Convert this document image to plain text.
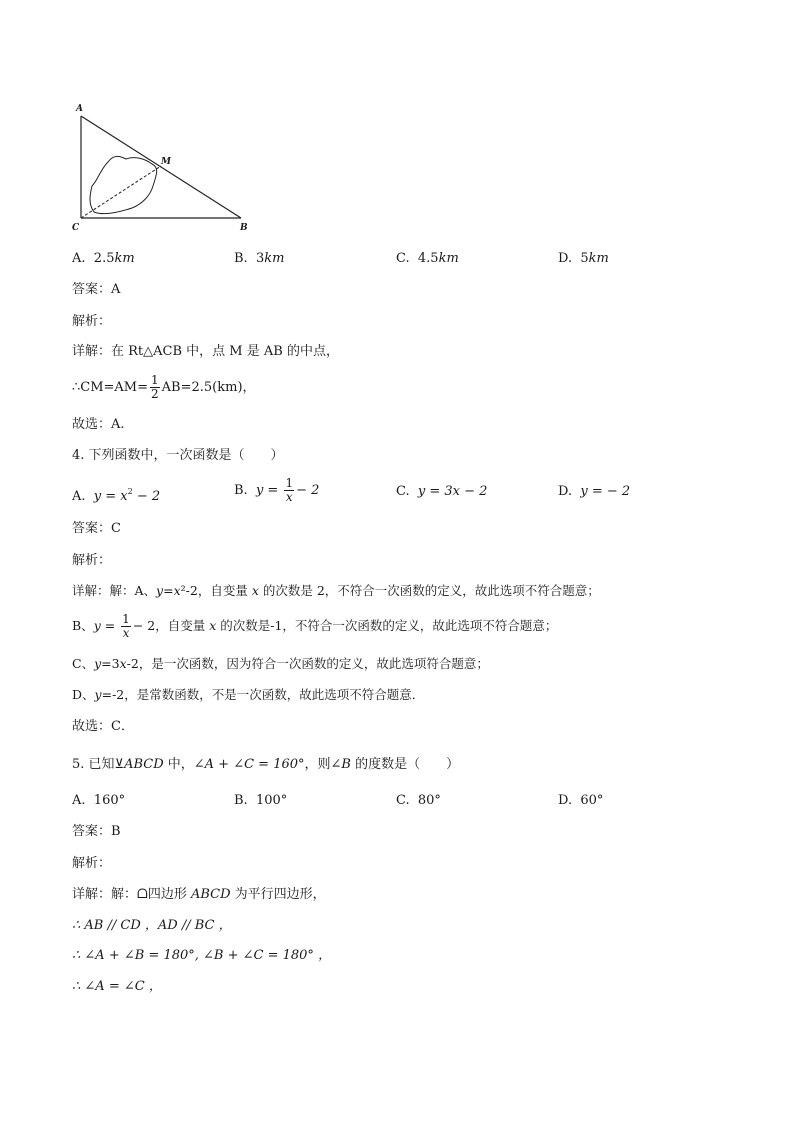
A
M
C	B
A. 2.5km	B. 3km	C. 4.5km	D. 5km
答案：A
解析：
详解：在 Rt△ACB 中，点 M 是 AB 的中点，
∴CM=AM= $\frac{1}{2} AB=2.5(km)$，
故选：A.
4. 下列函数中，一次函数是（　　）
A. $y = x^2 - 2$	B. $y = \frac{1}{x} - 2$	C. y = 3x − 2	D. y = − 2
答案：C
解析：
详解：解：A、y=x²-2，自变量 x 的次数是 2，不符合一次函数的定义，故此选项不符合题意；
B、$y = \frac{1}{x} - 2$，自变量 x 的次数是-1，不符合一次函数的定义，故此选项不符合题意；
C、y=3x-2，是一次函数，因为符合一次函数的定义，故此选项符合题意；
D、y=-2，是常数函数，不是一次函数，故此选项不符合题意．
故选：C．
5. 已知⊻ABCD 中，∠A + ∠C = 160°，则∠B 的度数是（　　）
A. 160°	B. 100°	C. 80°	D. 60°
答案：B
解析：
详解：解：ᗝ四边形 ABCD 为平行四边形，
∴ AB // CD ，AD // BC ，
∴ ∠A + ∠B = 180°, ∠B + ∠C = 180° ，
∴ ∠A = ∠C ，
